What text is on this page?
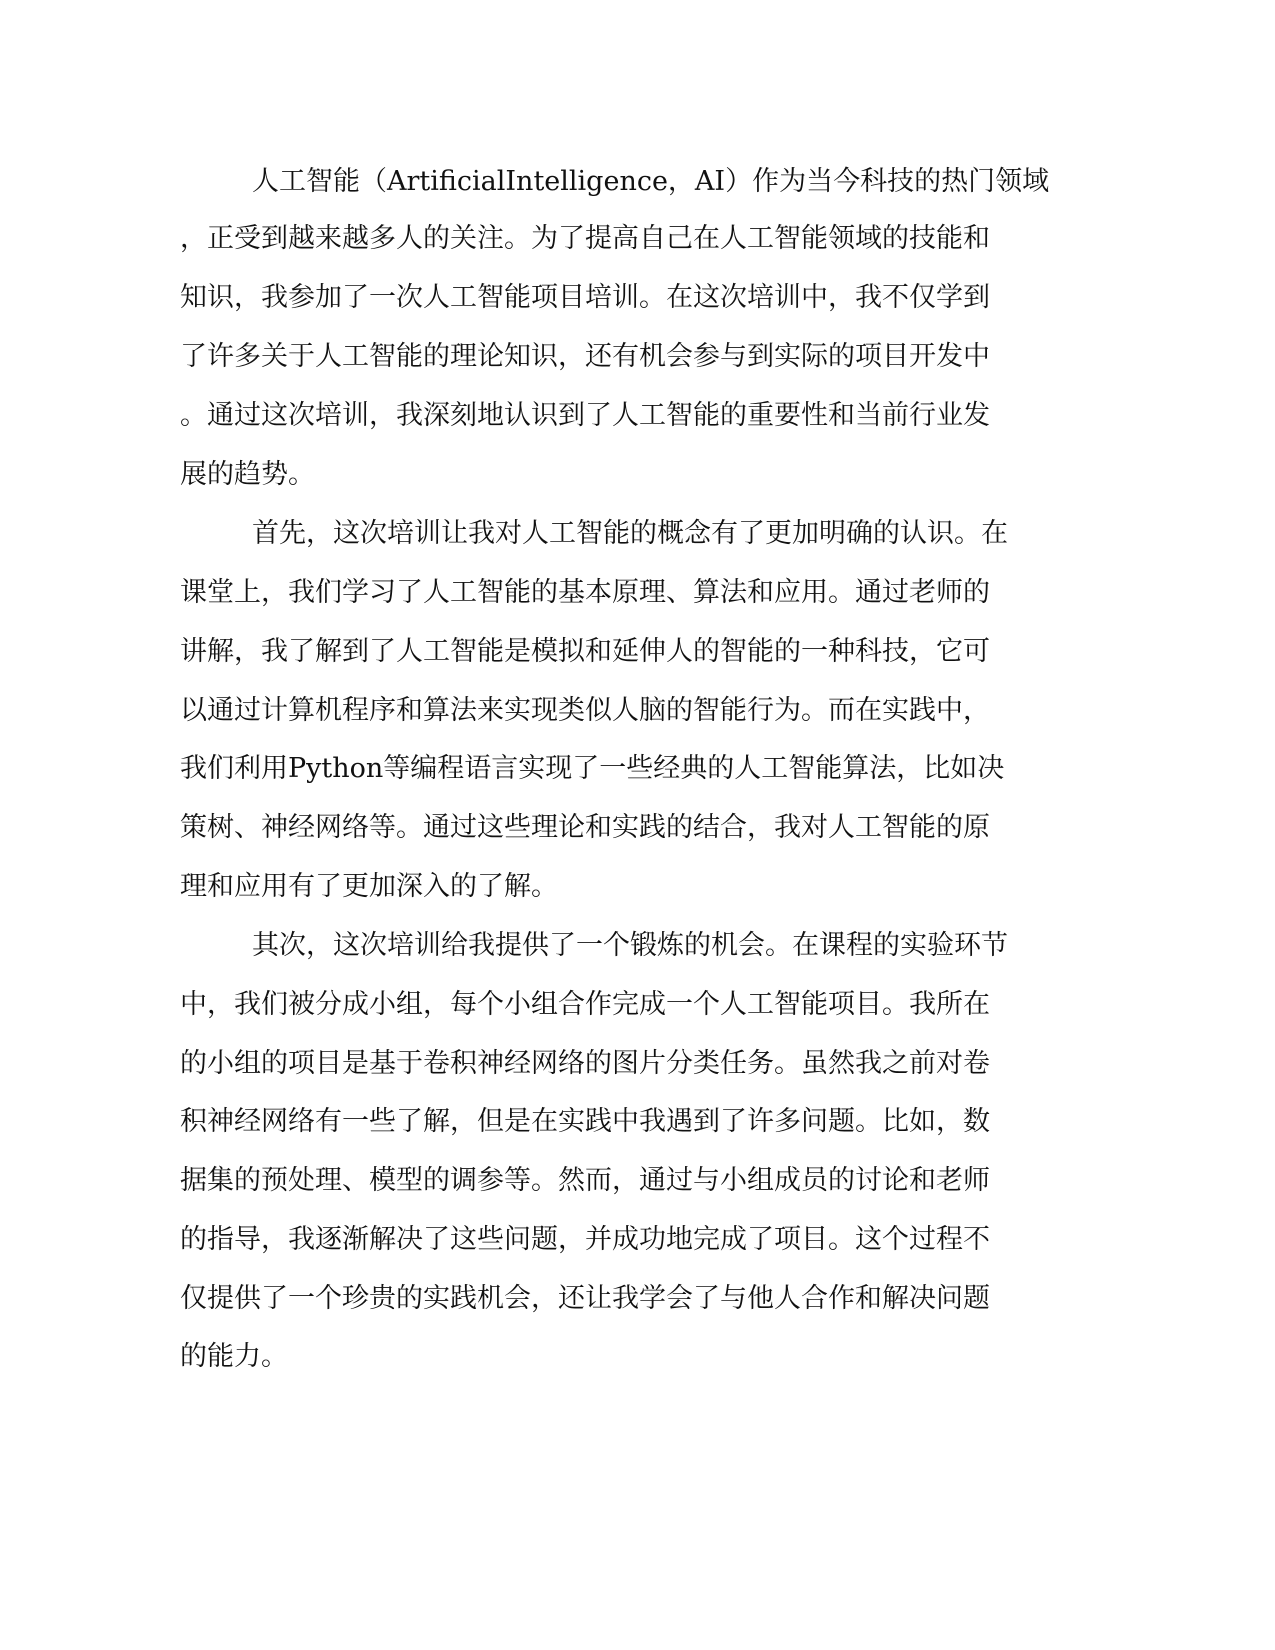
人工智能（ArtificialIntelligence，AI）作为当今科技的热门领域

，正受到越来越多人的关注。为了提高自己在人工智能领域的技能和

知识，我参加了一次人工智能项目培训。在这次培训中，我不仅学到

了许多关于人工智能的理论知识，还有机会参与到实际的项目开发中

。通过这次培训，我深刻地认识到了人工智能的重要性和当前行业发

展的趋势。

首先，这次培训让我对人工智能的概念有了更加明确的认识。在

课堂上，我们学习了人工智能的基本原理、算法和应用。通过老师的

讲解，我了解到了人工智能是模拟和延伸人的智能的一种科技，它可

以通过计算机程序和算法来实现类似人脑的智能行为。而在实践中，

我们利用Python等编程语言实现了一些经典的人工智能算法，比如决

策树、神经网络等。通过这些理论和实践的结合，我对人工智能的原

理和应用有了更加深入的了解。

其次，这次培训给我提供了一个锻炼的机会。在课程的实验环节

中，我们被分成小组，每个小组合作完成一个人工智能项目。我所在

的小组的项目是基于卷积神经网络的图片分类任务。虽然我之前对卷

积神经网络有一些了解，但是在实践中我遇到了许多问题。比如，数

据集的预处理、模型的调参等。然而，通过与小组成员的讨论和老师

的指导，我逐渐解决了这些问题，并成功地完成了项目。这个过程不

仅提供了一个珍贵的实践机会，还让我学会了与他人合作和解决问题

的能力。
